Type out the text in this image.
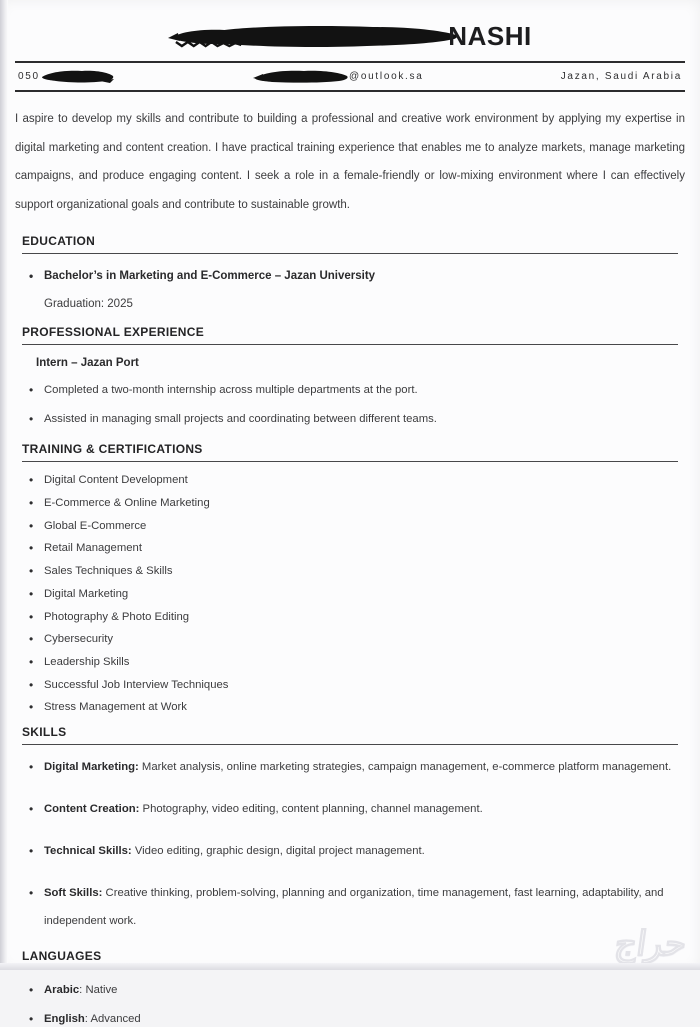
NASHI
050	@outlook.sa	Jazan, Saudi Arabia

I aspire to develop my skills and contribute to building a professional and creative work environment by applying my expertise in digital marketing and content creation. I have practical training experience that enables me to analyze markets, manage marketing campaigns, and produce engaging content. I seek a role in a female-friendly or low-mixing environment where I can effectively support organizational goals and contribute to sustainable growth.

EDUCATION
• Bachelor’s in Marketing and E-Commerce – Jazan University
Graduation: 2025
PROFESSIONAL EXPERIENCE
Intern – Jazan Port
• Completed a two-month internship across multiple departments at the port.
• Assisted in managing small projects and coordinating between different teams.
TRAINING & CERTIFICATIONS
• Digital Content Development
• E-Commerce & Online Marketing
• Global E-Commerce
• Retail Management
• Sales Techniques & Skills
• Digital Marketing
• Photography & Photo Editing
• Cybersecurity
• Leadership Skills
• Successful Job Interview Techniques
• Stress Management at Work
SKILLS
• Digital Marketing: Market analysis, online marketing strategies, campaign management, e-commerce platform management.
• Content Creation: Photography, video editing, content planning, channel management.
• Technical Skills: Video editing, graphic design, digital project management.
• Soft Skills: Creative thinking, problem-solving, planning and organization, time management, fast learning, adaptability, and independent work.
LANGUAGES
• Arabic: Native
• English: Advanced
حراج
